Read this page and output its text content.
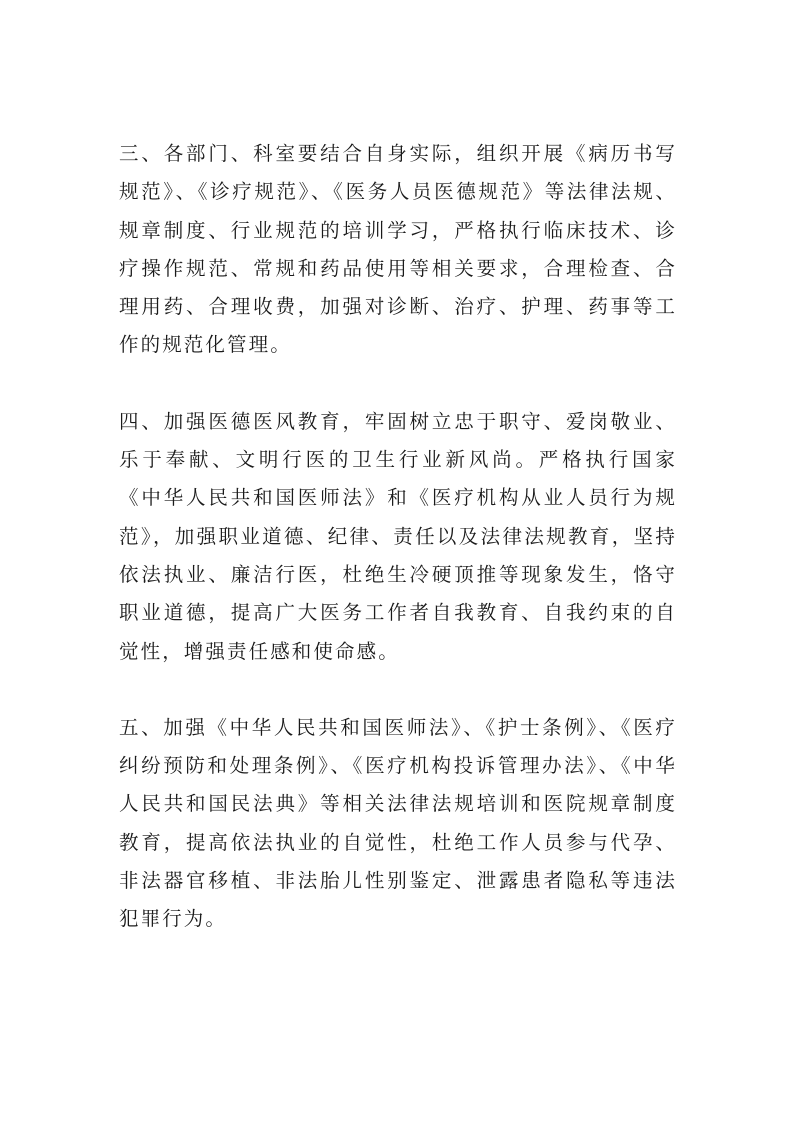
三、各部门、科室要结合自身实际，组织开展《病历书写规范》、《诊疗规范》、《医务人员医德规范》等法律法规、规章制度、行业规范的培训学习，严格执行临床技术、诊疗操作规范、常规和药品使用等相关要求，合理检查、合理用药、合理收费，加强对诊断、治疗、护理、药事等工作的规范化管理。

四、加强医德医风教育，牢固树立忠于职守、爱岗敬业、乐于奉献、文明行医的卫生行业新风尚。严格执行国家《中华人民共和国医师法》和《医疗机构从业人员行为规范》，加强职业道德、纪律、责任以及法律法规教育，坚持依法执业、廉洁行医，杜绝生冷硬顶推等现象发生，恪守职业道德，提高广大医务工作者自我教育、自我约束的自觉性，增强责任感和使命感。

五、加强《中华人民共和国医师法》、《护士条例》、《医疗纠纷预防和处理条例》、《医疗机构投诉管理办法》、《中华人民共和国民法典》等相关法律法规培训和医院规章制度教育，提高依法执业的自觉性，杜绝工作人员参与代孕、非法器官移植、非法胎儿性别鉴定、泄露患者隐私等违法犯罪行为。
